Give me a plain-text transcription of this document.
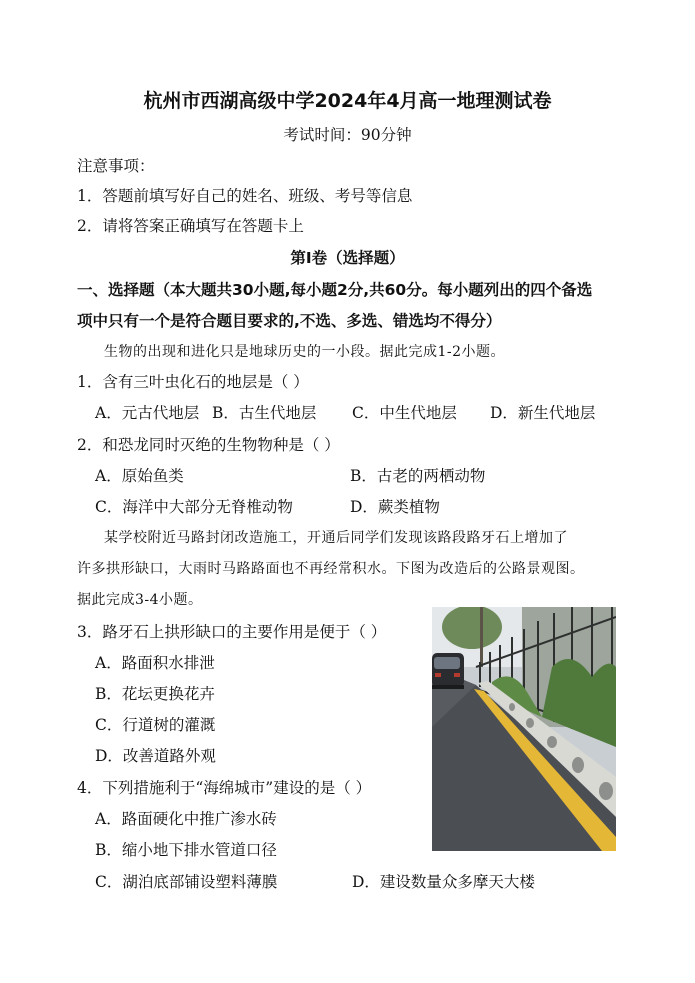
杭州市西湖高级中学2024年4月高一地理测试卷
考试时间：90分钟
注意事项：
1．答题前填写好自己的姓名、班级、考号等信息
2．请将答案正确填写在答题卡上
第I卷（选择题）
一、选择题（本大题共30小题,每小题2分,共60分。每小题列出的四个备选
项中只有一个是符合题目要求的,不选、多选、错选均不得分）
生物的出现和进化只是地球历史的一小段。据此完成1-2小题。
1．含有三叶虫化石的地层是（ ）
A．元古代地层 B．古生代地层 C．中生代地层 D．新生代地层
2．和恐龙同时灭绝的生物物种是（ ）
A．原始鱼类	B．古老的两栖动物
C．海洋中大部分无脊椎动物	D．蕨类植物
某学校附近马路封闭改造施工，开通后同学们发现该路段路牙石上增加了
许多拱形缺口，大雨时马路路面也不再经常积水。下图为改造后的公路景观图。
据此完成3-4小题。
3．路牙石上拱形缺口的主要作用是便于（ ）
A．路面积水排泄
B．花坛更换花卉
C．行道树的灌溉
D．改善道路外观
4．下列措施利于“海绵城市”建设的是（ ）
A．路面硬化中推广渗水砖
B．缩小地下排水管道口径
C．湖泊底部铺设塑料薄膜	D．建设数量众多摩天大楼
